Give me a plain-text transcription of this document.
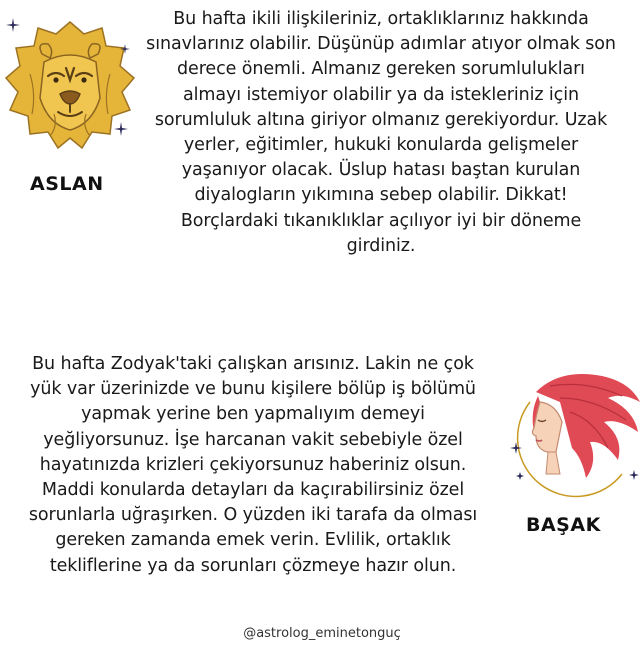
ASLAN
Bu hafta ikili ilişkileriniz, ortaklıklarınız hakkında
sınavlarınız olabilir. Düşünüp adımlar atıyor olmak son
derece önemli. Almanız gereken sorumlulukları
almayı istemiyor olabilir ya da istekleriniz için
sorumluluk altına giriyor olmanız gerekiyordur. Uzak
yerler, eğitimler, hukuki konularda gelişmeler
yaşanıyor olacak. Üslup hatası baştan kurulan
diyalogların yıkımına sebep olabilir. Dikkat!
Borçlardaki tıkanıklıklar açılıyor iyi bir döneme
girdiniz.
BAŞAK
Bu hafta Zodyak'taki çalışkan arısınız. Lakin ne çok
yük var üzerinizde ve bunu kişilere bölüp iş bölümü
yapmak yerine ben yapmalıyım demeyi
yeğliyorsunuz. İşe harcanan vakit sebebiyle özel
hayatınızda krizleri çekiyorsunuz haberiniz olsun.
Maddi konularda detayları da kaçırabilirsiniz özel
sorunlarla uğraşırken. O yüzden iki tarafa da olması
gereken zamanda emek verin. Evlilik, ortaklık
teklifleri̇ne ya da sorunları çözmeye hazır olun.
@astrolog_eminetonguç
